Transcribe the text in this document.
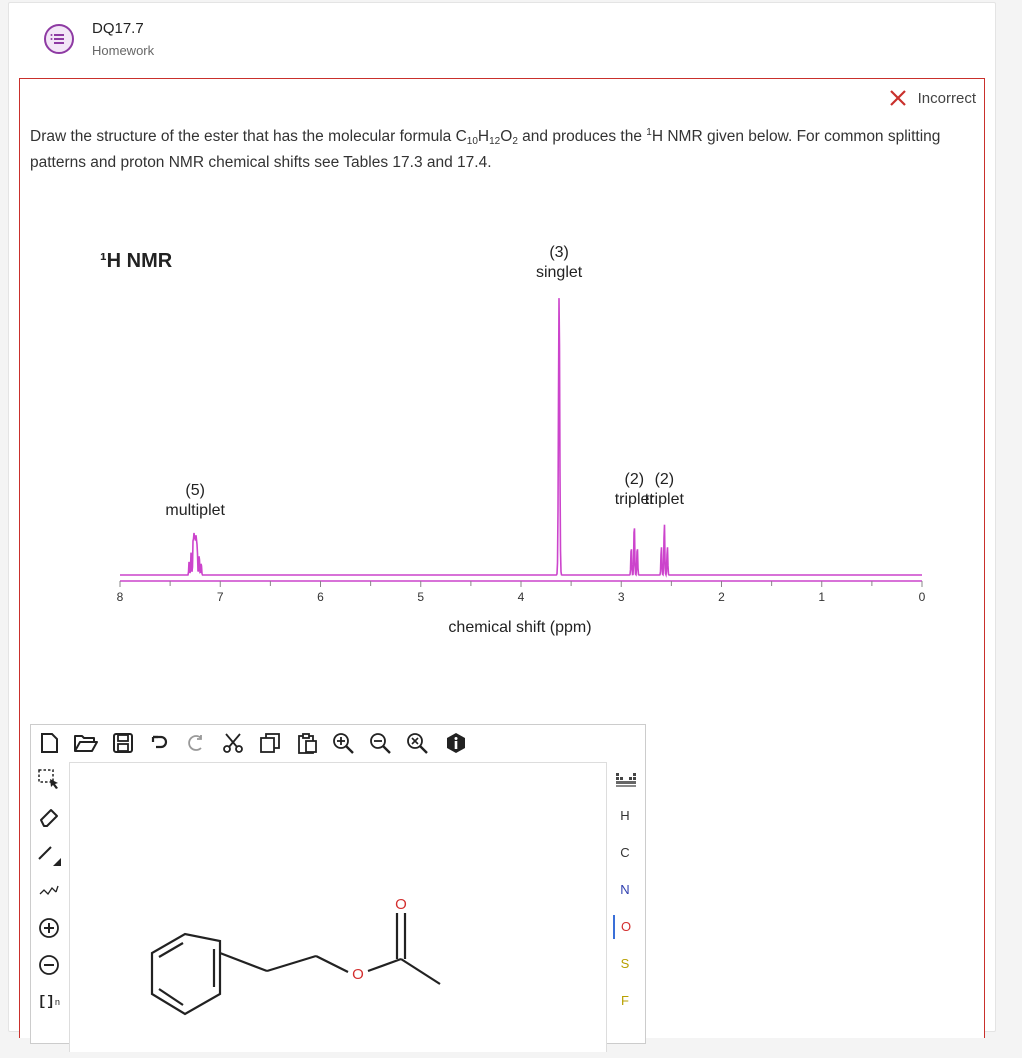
DQ17.7
Homework
Incorrect
Draw the structure of the ester that has the molecular formula $C_{10}H_{12}O_2$ and produces the $^1$H NMR given below. For common splitting patterns and proton NMR chemical shifts see Tables 17.3 and 17.4.
¹H NMR
8	7	6	5	4	3	2	1	0
(5)
multiplet
(3)
singlet
(2)
triplet
(2)
triplet
chemical shift (ppm)
[]n
O
O
H
C
N
O
S
F
